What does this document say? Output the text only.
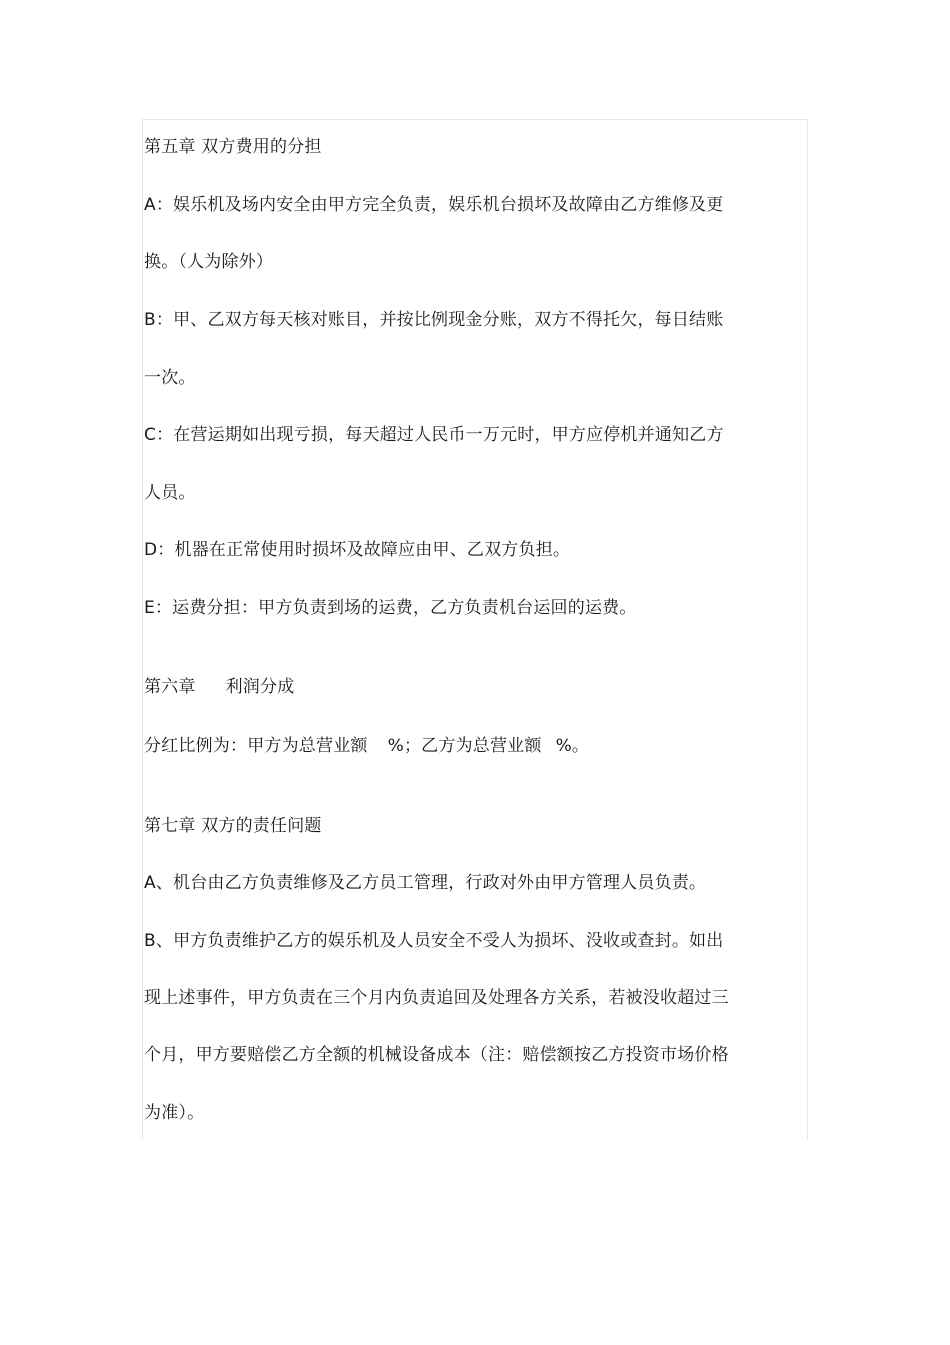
第五章 双方费用的分担
A：娱乐机及场内安全由甲方完全负责，娱乐机台损坏及故障由乙方维修及更
换。（人为除外）
B：甲、乙双方每天核对账目，并按比例现金分账，双方不得托欠，每日结账
一次。
C：在营运期如出现亏损，每天超过人民币一万元时，甲方应停机并通知乙方
人员。
D：机器在正常使用时损坏及故障应由甲、乙双方负担。
E：运费分担：甲方负责到场的运费，乙方负责机台运回的运费。
第六章 利润分成
分红比例为：甲方为总营业额 %；乙方为总营业额 %。
第七章 双方的责任问题
A、机台由乙方负责维修及乙方员工管理，行政对外由甲方管理人员负责。
B、甲方负责维护乙方的娱乐机及人员安全不受人为损坏、没收或查封。如出
现上述事件，甲方负责在三个月内负责追回及处理各方关系，若被没收超过三
个月，甲方要赔偿乙方全额的机械设备成本（注：赔偿额按乙方投资市场价格
为准）。
